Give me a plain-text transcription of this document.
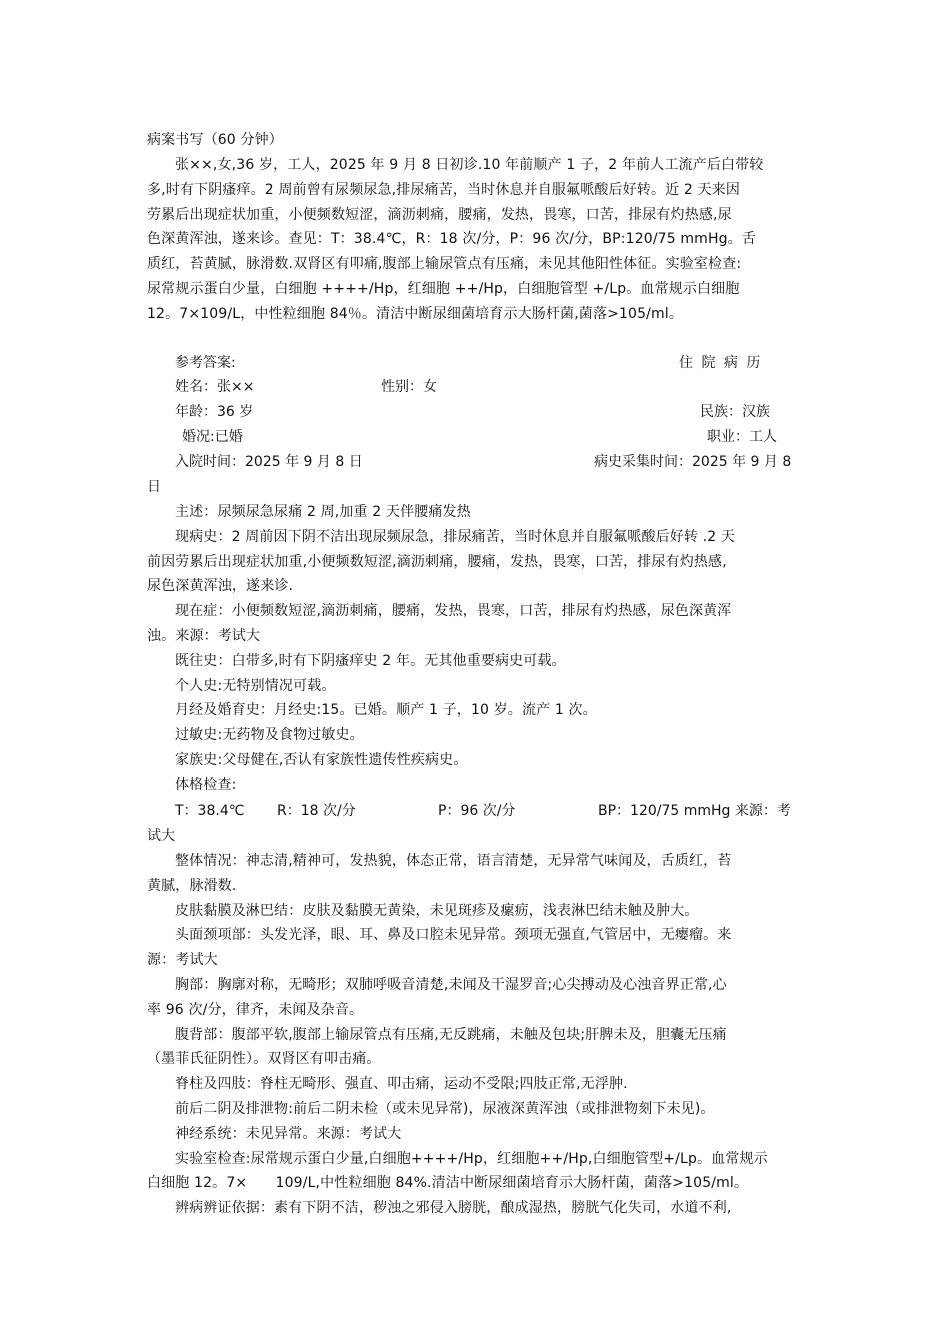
病案书写（60 分钟）
张××,女,36 岁，工人，2025 年 9 月 8 日初诊.10 年前顺产 1 子，2 年前人工流产后白带较
多,时有下阴瘙痒。2 周前曾有尿频尿急,排尿痛苦，当时休息并自服氟哌酸后好转。近 2 天来因
劳累后出现症状加重，小便频数短涩，滴沥刺痛，腰痛，发热，畏寒，口苦，排尿有灼热感,尿
色深黄浑浊，遂来诊。查见：T：38.4℃，R：18 次/分，P：96 次/分，BP:120/75 mmHg。舌
质红，苔黄腻，脉滑数.双肾区有叩痛,腹部上输尿管点有压痛，未见其他阳性体征。实验室检查:
尿常规示蛋白少量，白细胞 ++++/Hp，红细胞 ++/Hp，白细胞管型 +/Lp。血常规示白细胞
12。7×109/L，中性粒细胞 84％。清洁中断尿细菌培育示大肠杆菌,菌落>105/ml。
参考答案:	住 院 病 历
姓名：张××	性别：女
年龄：36 岁	民族：汉族
婚况:已婚	职业：工人
入院时间：2025 年 9 月 8 日	病史采集时间：2025 年 9 月 8
日
主述：尿频尿急尿痛 2 周,加重 2 天伴腰痛发热
现病史：2 周前因下阴不洁出现尿频尿急，排尿痛苦，当时休息并自服氟哌酸后好转 .2 天
前因劳累后出现症状加重,小便频数短涩,滴沥刺痛，腰痛，发热，畏寒，口苦，排尿有灼热感,
尿色深黄浑浊，遂来诊.
现在症：小便频数短涩,滴沥刺痛，腰痛，发热，畏寒，口苦，排尿有灼热感，尿色深黄浑
浊。来源：考试大
既往史：白带多,时有下阴瘙痒史 2 年。无其他重要病史可载。
个人史:无特别情况可载。
月经及婚育史：月经史:15。已婚。顺产 1 子，10 岁。流产 1 次。
过敏史:无药物及食物过敏史。
家族史:父母健在,否认有家族性遗传性疾病史。
体格检查:
T：38.4℃ R：18 次/分	P：96 次/分	BP：120/75 mmHg 来源：考
试大
整体情况：神志清,精神可，发热貌，体态正常，语言清楚，无异常气味闻及，舌质红，苔
黄腻，脉滑数.
皮肤黏膜及淋巴结：皮肤及黏膜无黄染，未见斑疹及瘰疬，浅表淋巴结未触及肿大。
头面颈项部：头发光泽，眼、耳、鼻及口腔未见异常。颈项无强直,气管居中，无瘿瘤。来
源：考试大
胸部：胸廓对称，无畸形；双肺呼吸音清楚,未闻及干湿罗音;心尖搏动及心浊音界正常,心
率 96 次/分，律齐，未闻及杂音。
腹背部：腹部平软,腹部上输尿管点有压痛,无反跳痛，未触及包块;肝脾未及，胆囊无压痛
（墨菲氏征阴性）。双肾区有叩击痛。
脊柱及四肢：脊柱无畸形、强直、叩击痛，运动不受限;四肢正常,无浮肿.
前后二阴及排泄物:前后二阴未检（或未见异常)，尿液深黄浑浊（或排泄物刻下未见)。
神经系统：未见异常。来源：考试大
实验室检查:尿常规示蛋白少量,白细胞++++/Hp，红细胞++/Hp,白细胞管型+/Lp。血常规示
白细胞 12。7×　　109/L,中性粒细胞 84%.清洁中断尿细菌培育示大肠杆菌，菌落>105/ml。
辨病辨证依据：素有下阴不洁，秽浊之邪侵入膀胱，酿成湿热，膀胱气化失司，水道不利,
